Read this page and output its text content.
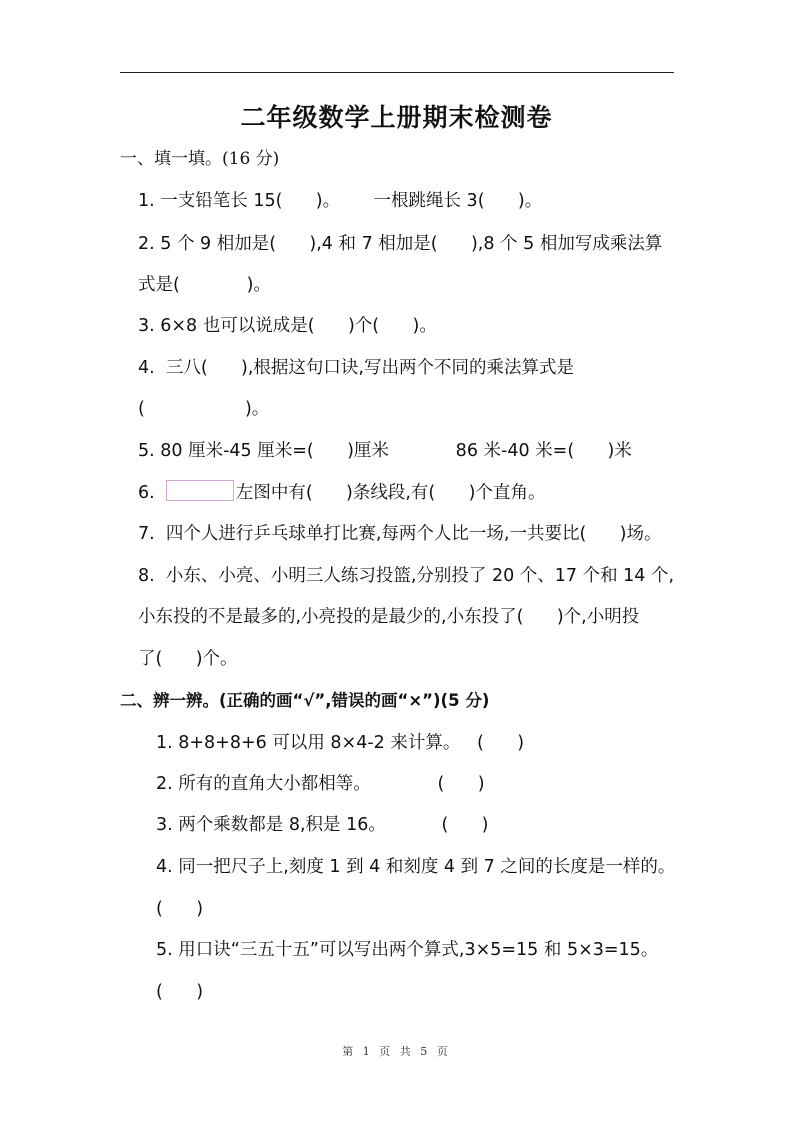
二年级数学上册期末检测卷
一、填一填。(16 分)
1. 一支铅笔长 15(      )。      一根跳绳长 3(      )。
2. 5 个 9 相加是(      ),4 和 7 相加是(      ),8 个 5 相加写成乘法算
式是(            )。
3. 6×8 也可以说成是(      )个(      )。
4.  三八(      ),根据这句口诀,写出两个不同的乘法算式是
(                  )。
5. 80 厘米-45 厘米=(      )厘米            86 米-40 米=(      )米
6.	左图中有(      )条线段,有(      )个直角。
7.  四个人进行乒乓球单打比赛,每两个人比一场,一共要比(      )场。
8.  小东、小亮、小明三人练习投篮,分别投了 20 个、17 个和 14 个,
小东投的不是最多的,小亮投的是最少的,小东投了(      )个,小明投
了(      )个。
二、辨一辨。(正确的画“√”,错误的画“×”)(5 分)
1. 8+8+8+6 可以用 8×4-2 来计算。   (      )
2. 所有的直角大小都相等。            (      )
3. 两个乘数都是 8,积是 16。          (      )
4. 同一把尺子上,刻度 1 到 4 和刻度 4 到 7 之间的长度是一样的。
(      )
5. 用口诀“三五十五”可以写出两个算式,3×5=15 和 5×3=15。
(      )
第 1 页 共 5 页
